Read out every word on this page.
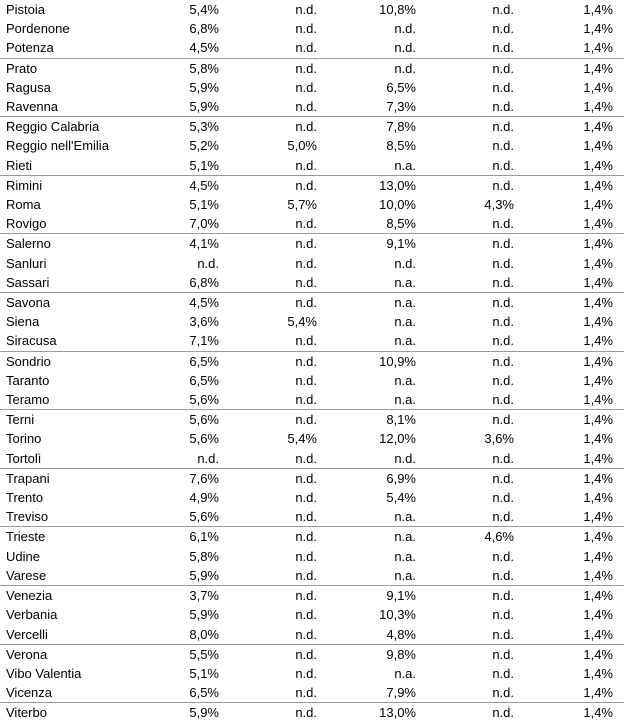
Pistoia	5,4%	n.d.	10,8%	n.d.	1,4%
Pordenone	6,8%	n.d.	n.d.	n.d.	1,4%
Potenza	4,5%	n.d.	n.d.	n.d.	1,4%
Prato	5,8%	n.d.	n.d.	n.d.	1,4%
Ragusa	5,9%	n.d.	6,5%	n.d.	1,4%
Ravenna	5,9%	n.d.	7,3%	n.d.	1,4%
Reggio Calabria	5,3%	n.d.	7,8%	n.d.	1,4%
Reggio nell'Emilia	5,2%	5,0%	8,5%	n.d.	1,4%
Rieti	5,1%	n.d.	n.a.	n.d.	1,4%
Rimini	4,5%	n.d.	13,0%	n.d.	1,4%
Roma	5,1%	5,7%	10,0%	4,3%	1,4%
Rovigo	7,0%	n.d.	8,5%	n.d.	1,4%
Salerno	4,1%	n.d.	9,1%	n.d.	1,4%
Sanluri	n.d.	n.d.	n.d.	n.d.	1,4%
Sassari	6,8%	n.d.	n.a.	n.d.	1,4%
Savona	4,5%	n.d.	n.a.	n.d.	1,4%
Siena	3,6%	5,4%	n.a.	n.d.	1,4%
Siracusa	7,1%	n.d.	n.a.	n.d.	1,4%
Sondrio	6,5%	n.d.	10,9%	n.d.	1,4%
Taranto	6,5%	n.d.	n.a.	n.d.	1,4%
Teramo	5,6%	n.d.	n.a.	n.d.	1,4%
Terni	5,6%	n.d.	8,1%	n.d.	1,4%
Torino	5,6%	5,4%	12,0%	3,6%	1,4%
Tortolì	n.d.	n.d.	n.d.	n.d.	1,4%
Trapani	7,6%	n.d.	6,9%	n.d.	1,4%
Trento	4,9%	n.d.	5,4%	n.d.	1,4%
Treviso	5,6%	n.d.	n.a.	n.d.	1,4%
Trieste	6,1%	n.d.	n.a.	4,6%	1,4%
Udine	5,8%	n.d.	n.a.	n.d.	1,4%
Varese	5,9%	n.d.	n.a.	n.d.	1,4%
Venezia	3,7%	n.d.	9,1%	n.d.	1,4%
Verbania	5,9%	n.d.	10,3%	n.d.	1,4%
Vercelli	8,0%	n.d.	4,8%	n.d.	1,4%
Verona	5,5%	n.d.	9,8%	n.d.	1,4%
Vibo Valentia	5,1%	n.d.	n.a.	n.d.	1,4%
Vicenza	6,5%	n.d.	7,9%	n.d.	1,4%
Viterbo	5,9%	n.d.	13,0%	n.d.	1,4%
